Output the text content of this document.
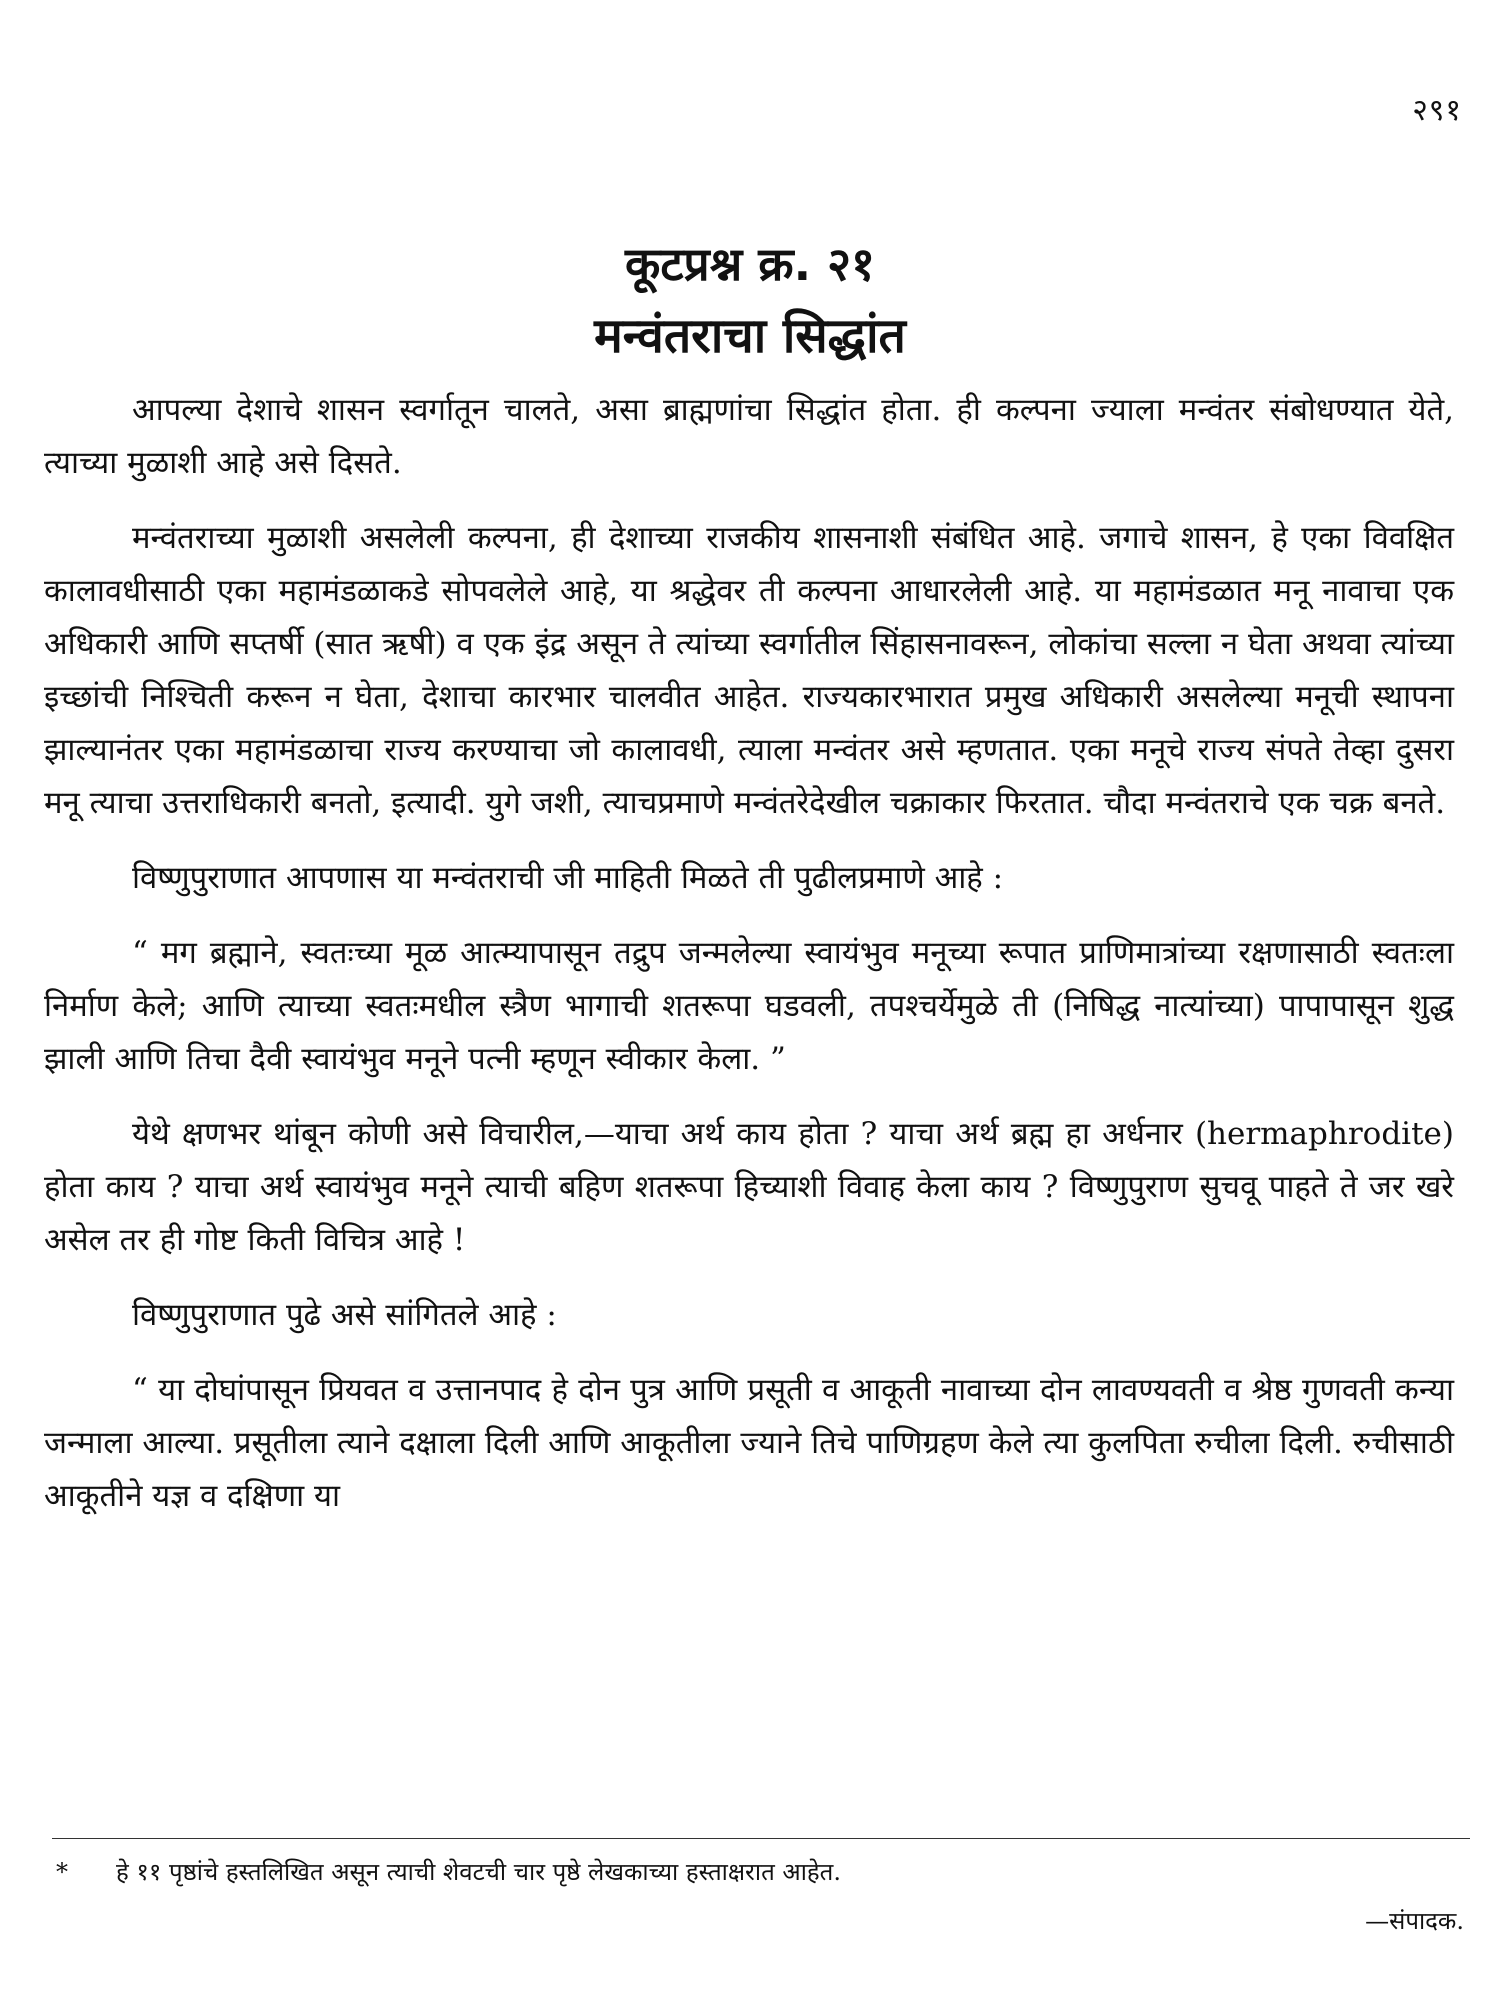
२९१
कूटप्रश्न क्र. २१
मन्वंतराचा सिद्धांत

आपल्या देशाचे शासन स्वर्गातून चालते, असा ब्राह्मणांचा सिद्धांत होता. ही कल्पना ज्याला मन्वंतर संबोधण्यात येते, त्याच्या मुळाशी आहे असे दिसते.

मन्वंतराच्या मुळाशी असलेली कल्पना, ही देशाच्या राजकीय शासनाशी संबंधित आहे. जगाचे शासन, हे एका विवक्षित कालावधीसाठी एका महामंडळाकडे सोपवलेले आहे, या श्रद्धेवर ती कल्पना आधारलेली आहे. या महामंडळात मनू नावाचा एक अधिकारी आणि सप्तर्षी (सात ऋषी) व एक इंद्र असून ते त्यांच्या स्वर्गातील सिंहासनावरून, लोकांचा सल्ला न घेता अथवा त्यांच्या इच्छांची निश्चिती करून न घेता, देशाचा कारभार चालवीत आहेत. राज्यकारभारात प्रमुख अधिकारी असलेल्या मनूची स्थापना झाल्यानंतर एका महामंडळाचा राज्य करण्याचा जो कालावधी, त्याला मन्वंतर असे म्हणतात. एका मनूचे राज्य संपते तेव्हा दुसरा मनू त्याचा उत्तराधिकारी बनतो, इत्यादी. युगे जशी, त्याचप्रमाणे मन्वंतरेदेखील चक्राकार फिरतात. चौदा मन्वंतराचे एक चक्र बनते.

विष्णुपुराणात आपणास या मन्वंतराची जी माहिती मिळते ती पुढीलप्रमाणे आहे :

“ मग ब्रह्माने, स्वतःच्या मूळ आत्म्यापासून तद्रुप जन्मलेल्या स्वायंभुव मनूच्या रूपात प्राणिमात्रांच्या रक्षणासाठी स्वतःला निर्माण केले; आणि त्याच्या स्वतःमधील स्त्रैण भागाची शतरूपा घडवली, तपश्चर्येमुळे ती (निषिद्ध नात्यांच्या) पापापासून शुद्ध झाली आणि तिचा दैवी स्वायंभुव मनूने पत्नी म्हणून स्वीकार केला. ”

येथे क्षणभर थांबून कोणी असे विचारील,—याचा अर्थ काय होता ? याचा अर्थ ब्रह्म हा अर्धनार (hermaphrodite) होता काय ? याचा अर्थ स्वायंभुव मनूने त्याची बहिण शतरूपा हिच्याशी विवाह केला काय ? विष्णुपुराण सुचवू पाहते ते जर खरे असेल तर ही गोष्ट किती विचित्र आहे !

विष्णुपुराणात पुढे असे सांगितले आहे :

“ या दोघांपासून प्रियवत व उत्तानपाद हे दोन पुत्र आणि प्रसूती व आकूती नावाच्या दोन लावण्यवती व श्रेष्ठ गुणवती कन्या जन्माला आल्या. प्रसूतीला त्याने दक्षाला दिली आणि आकूतीला ज्याने तिचे पाणिग्रहण केले त्या कुलपिता रुचीला दिली. रुचीसाठी आकूतीने यज्ञ व दक्षिणा या

* हे ११ पृष्ठांचे हस्तलिखित असून त्याची शेवटची चार पृष्ठे लेखकाच्या हस्ताक्षरात आहेत.
—संपादक.
